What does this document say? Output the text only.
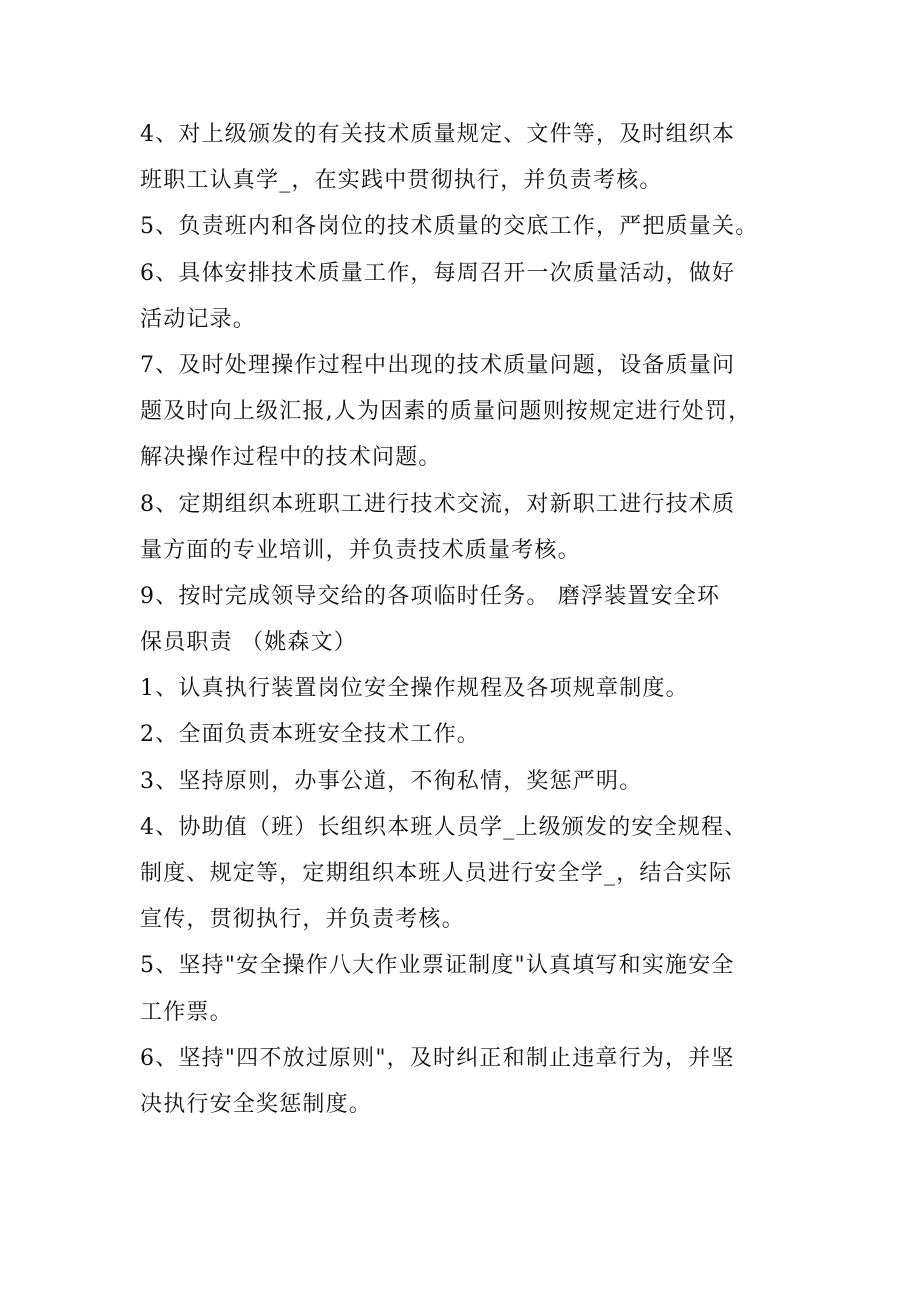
4、对上级颁发的有关技术质量规定、文件等，及时组织本
班职工认真学_，在实践中贯彻执行，并负责考核。
5、负责班内和各岗位的技术质量的交底工作，严把质量关。
6、具体安排技术质量工作，每周召开一次质量活动，做好
活动记录。
7、及时处理操作过程中出现的技术质量问题，设备质量问
题及时向上级汇报,人为因素的质量问题则按规定进行处罚，
解决操作过程中的技术问题。
8、定期组织本班职工进行技术交流，对新职工进行技术质
量方面的专业培训，并负责技术质量考核。
9、按时完成领导交给的各项临时任务。 磨浮装置安全环
保员职责 （姚森文）
1、认真执行装置岗位安全操作规程及各项规章制度。
2、全面负责本班安全技术工作。
3、坚持原则，办事公道，不徇私情，奖惩严明。
4、协助值（班）长组织本班人员学_上级颁发的安全规程、
制度、规定等，定期组织本班人员进行安全学_，结合实际
宣传，贯彻执行，并负责考核。
5、坚持"安全操作八大作业票证制度"认真填写和实施安全
工作票。
6、坚持"四不放过原则"，及时纠正和制止违章行为，并坚
决执行安全奖惩制度。
